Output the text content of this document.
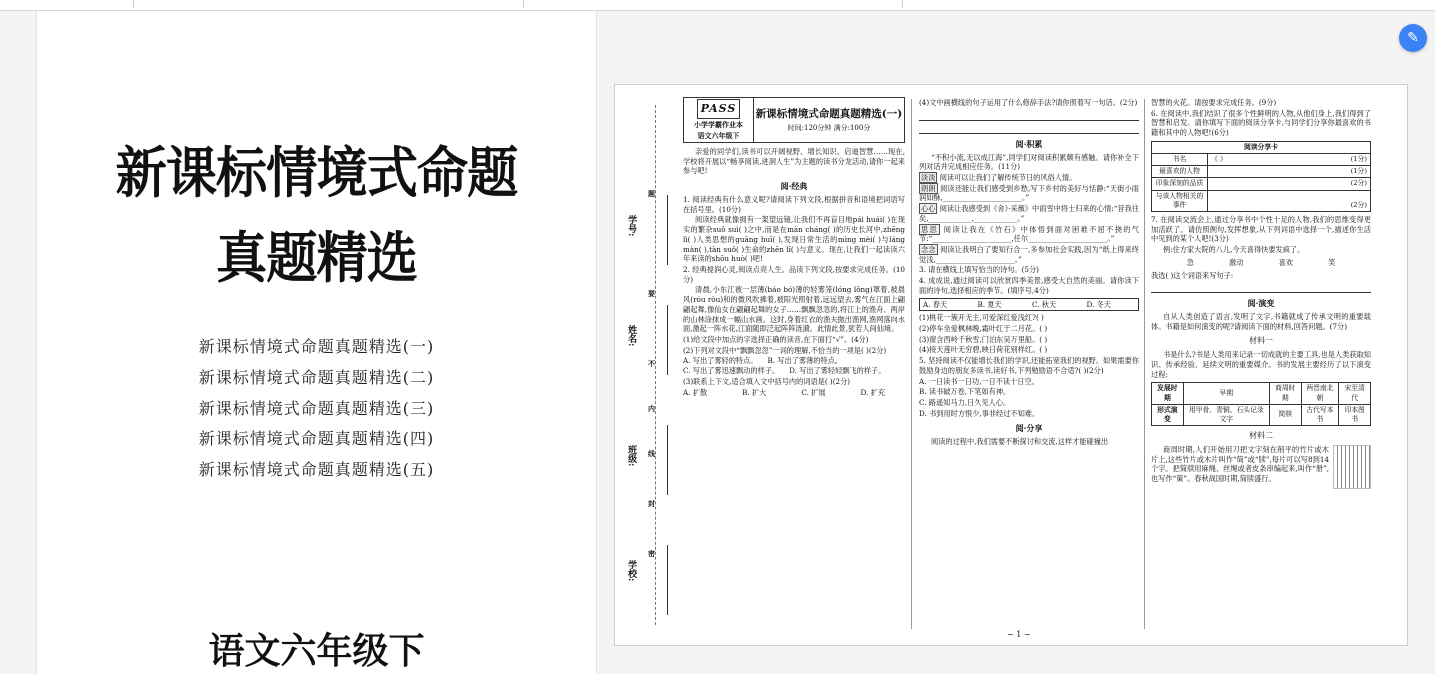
✎
新课标情境式命题
真题精选
新课标情境式命题真题精选(一)
新课标情境式命题真题精选(二)
新课标情境式命题真题精选(三)
新课标情境式命题真题精选(四)
新课标情境式命题真题精选(五)
语文六年级下
学号:
姓名:
班级:
学校:
题
要
不
内
线
封
密
PASS
小学学霸作业本
语文六年级下
新课标情境式命题真题精选(一)
时间:120分钟 满分:100分
亲爱的同学们,读书可以开阔视野、增长知识、启迪智慧……现在,学校将开展以“畅享阅读,进洞人生”为主题的读书分龙活动,请你一起来参与吧!
阅·经典
1. 阅读经典有什么意义呢?请阅读下列文段,根据拼音和语境把词语写在括号里。(10分)
阅读经典就像拥有一架望远镜,让我们不再盲目地pái huái( )在现实的繁杂suǒ suì( )之中,而是在màn cháng( )的历史长河中,zhēng lì( )人类思想的guāng huī( ),发现日常生活的mìng mèi( )与láng màn( ),tàn suǒ( )生命的zhēn lǐ( )与意义。现在,让我们一起读读六年来读的shōu huò( )吧!
2. 经典搅润心灵,阅读点亮人生。品读下列文段,按要求完成任务。(10分)
清晨,小东江被一层薄(báo bó)薄的轻雾笼(lóng lǒng)罩着,被晨风(róu ròu)和的微风吹拂着,被阳光照射着,远远望去,雾气在江面上翩翩起舞,像仙女在翩翩起舞的女子……飘飘忽忽的,将江上的渔舟、两岸的山林涂抹成一幅山水画。这时,身着红衣的渔夫抛出渔网,渔网落向水面,激起一阵水花,江面随即泛起阵阵涟漪。此情此景,犹若人间仙境。
(1)给文段中加点的字选择正确的读音,在下面打“√”。(4分)
(2)下列对文段中“飘飘忽忽”一词的理解,不恰当的一项是( )(2分)
A. 写出了雾轻的特点。 B. 写出了雾薄的特点。
C. 写出了雾迅速飘动的样子。 D. 写出了雾轻轻飘飞的样子。
(3)联系上下文,适合填入文中括号内的词语是( )(2分)
A. 扩散	B. 扩大	C. 扩展	D. 扩充
(4)文中画横线的句子运用了什么修辞手法?请你照着写一句话。(2分)
阅·积累
“不积小流,无以成江海”,同学们对阅读积累颇有感触。请你补全下列对话并完成相应任务。(11分)
淡淡 阅读可以让我们了解传统节日的风俗人情。
朗朗 阅读还能让我们感受到乡愁,写下乡村的美好与恬静:“天街小雨润如酥,______________________。”
心心 阅读让我感受到《舍》·采薇》中雨雪中将士归来的心情:“昔我往矣,____________,____________。”
思思 阅读让我在《竹石》中体悟到面对困难不屈不挠的气节:“______________________,任尔______________________。”
念念 阅读让我明白了要知行合一,多参加社会实践,因为“纸上得来终觉浅,______________________。”
3. 请在横线上填写恰当的诗句。(5分)
4. 成成说,通过阅读可以欣赏四季美景,感受大自然的美丽。请你读下面的诗句,选择相应的季节。(填序号,4分)
A. 春天	B. 夏天	C. 秋天	D. 冬天
(1)桃花一簇开无主,可爱深红爱浅红?( )
(2)停车坐爱枫林晚,霜叶红于二月花。( )
(3)窗含西岭千秋雪,门泊东吴万里船。( )
(4)接天莲叶无穷碧,映日荷花别样红。( )
5. 坚持阅读不仅能增长我们的学识,还能拓宽我们的视野。如果需要你鼓励身边的朋友多读书,读好书,下列勉励语不合适?( )(2分)
A. 一日读书一日功,一日不读十日空。
B. 读书破万卷,下笔如有神。
C. 路遥知马力,日久见人心。
D. 书到用时方恨少,事非经过不知难。
阅·分享
阅读的过程中,我们需要不断探讨和交流,这样才能碰撞出
智慧的火花。请按要求完成任务。(9分)
6. 在阅读中,我们结识了很多个性鲜明的人物,从他们身上,我们得到了智慧和启发。请你填写下面的阅读分享卡,与同学们分享你最喜欢的书籍和其中的人物吧!(6分)
阅读分享卡	
书名	《 》 (1分)

最喜欢的人物	(1分)
印象深刻的品质	(2分)
与该人物相关的事件	(2分)
7. 在阅读交流会上,通过分享书中个性十足的人物,我们的思维变得更加活跃了。请仿照例句,发挥想象,从下列词语中选择一个,描述你生活中见到的某个人吧!(3分)
例:住方家大院的八儿,今天喜得快要发疯了。
急	激动	喜欢	笑
我选( )这个词语来写句子:
阅·演变
自从人类创造了语言,发明了文字,书籍就成了传承文明的重要载体。书籍是如何演变的呢?请阅读下面的材料,回答问题。(7分)
材料一
书是什么?书是人类用来记录一切成就的主要工具,也是人类获取知识、传承经验、延续文明的重要媒介。书的发展主要经历了以下演变过程:
发展时期	早期	商周时期	两晋南北朝	宋至清代
形式演变	用甲骨、青铜、石头记录文字	简牍	古代写本书	印本图书
材料二
商周时期,人们开始用刀把文字刻在削平的竹片或木片上,这些竹片或木片叫作“简”或“牍”,每片可以写8到14个字。把简牍用麻绳、丝绳或者皮条串编起来,叫作“册”,也写作“策”。春秋战国时期,简牍盛行。
~ 1 ~
